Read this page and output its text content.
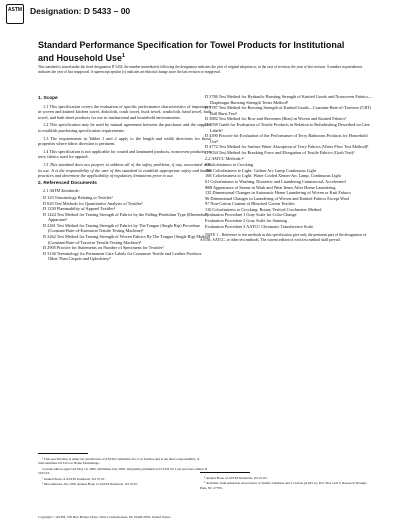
ASTM Designation: D 5433 – 00
Standard Performance Specification for Towel Products for Institutional and Household Use$^1$

This standard is issued under the fixed designation D 5433; the number immediately following the designation indicates the year of original adoption or, in the case of revision, the year of last revision. A number in parentheses indicates the year of last reapproval. A superscript epsilon (ε) indicates an editorial change since the last revision or reapproval.

1. Scope

1.1 This specification covers the evaluation of specific performance characteristics of importance in woven and knitted kitchen towel, dishcloth, crash towel, huck towel, washcloth, hand towel, bath towel, and bath sheet products for use in institutional and household environments.

1.2 This specification may be used by mutual agreement between the purchaser and the supplier to establish purchasing specification requirements.

1.3 The requirements in Tables 1 and 2 apply to the length and width directions for those properties where fabric direction is pertinent.

1.4 This specification is not applicable for coated and laminated products, nonwoven products, or terry fabrics used for apparel.

1.5 This standard does not purport to address all of the safety problems, if any, associated with its use. It is the responsibility of the user of this standard to establish appropriate safety and health practices and determine the applicability of regulatory limitations prior to use.

2. Referenced Documents

2.1 ASTM Standards:

D 123 Terminology Relating to Textiles²

D 629 Test Methods for Quantitative Analysis of Textiles²

D 1230 Flammability of Apparel Textiles²

D 1424 Test Method for Tearing Strength of Fabrics by the Falling-Pendulum Type (Elmendorf) Apparatus²

D 2261 Test Method for Tearing Strength of Fabrics by The Tongue (Single Rip) Procedure (Constant-Rate-of-Extension Tensile Testing Machine)²

D 2262 Test Method for Tearing Strength of Woven Fabrics By The Tongue (Single Rip) Method (Constant-Rate-of-Traverse Tensile Testing Machine)²

D 2905 Practice for Statements on Number of Specimens for Textiles²

D 3136 Terminology for Permanent Care Labels for Consumer Textile and Leather Products Other Than Carpets and Upholstery²

¹ This specification is under the jurisdiction of ASTM Committee D-13 on Textiles and is the direct responsibility of Subcommittee D13.63 on Home Furnishings.

Current edition approved May 10, 2000. Published July 2000. Originally published as D 5433 93. Last previous edition D 5433 93.

² Annual Book of ASTM Standards, Vol 07.01.

³ Discontinued–See 1995 Annual Book of ASTM Standards, Vol 07.01.

D 3786 Test Method for Hydraulic Bursting Strength of Knitted Goods and Nonwoven Fabrics—Diaphragm Bursting Strength Tester Method³

D 3787 Test Method for Bursting Strength of Knitted Goods—Constant-Rate-of-Traverse (CRT) Ball Burst Test³

D 3882 Test Method for Bow and Skewness (Bias) in Woven and Knitted Fabrics³

D 3938 Guide for Evaluation of Textile Products in Relation to Refurbishing Described on Care Labels³

D 4390 Practice for Evaluation of the Performance of Terry Bathroom Products for Household Use³

D 4772 Test Method for Surface Water Absorption of Terry Fabrics (Water Flow Test Method)³

D 5034 Test Method for Breaking Force and Elongation of Textile Fabrics (Grab Test)³

2.2 AATCC Methods:⁴

8 Colorfastness to Crocking

16A Colorfastness to Light: Carbon Arc Lamp Continuous Light

16E Colorfastness to Light: Water Cooled Xenon-Arc Lamp, Continuous Light

61 Colorfastness to Washing, Domestic and Laundering Commercial, Accelerated

88B Appearance of Seams in Wash and Wear Items After Home Laundering

135 Dimensional Changes in Automatic Home Laundering of Woven or Knit Fabrics

96 Dimensional Changes in Laundering of Woven and Knitted Fabrics Except Wool

97 Non-Cotton Content of Bleached Cotton Textiles

116 Colorfastness to Crocking: Rotary Vertical Crockmeter Method

Evaluation Procedure 1 Gray Scale for Color Change

Evaluation Procedure 2 Gray Scale for Staining

Evaluation Procedure 3 AATCC Chromatic Transference Scale

NOTE 1 – Reference to test methods in this specification give only the pertinent part of the designation of ASTM, AATCC, or other test methods. The current edition of each test method shall prevail.

⁴ Annual Book of ASTM Standards, Vol 07.02.

⁵ Available from American Association of Textile Chemists and Colorists (AATCC), P.O. Box 12215, Research Triangle Park, NC 27709.

Copyright © ASTM, 100 Barr Harbor Drive, West Conshohocken, PA 19428-2959, United States.
